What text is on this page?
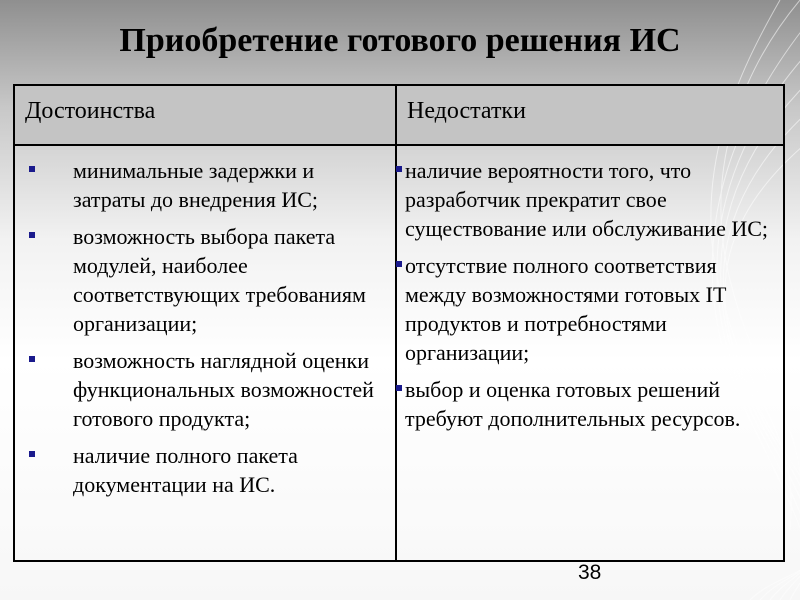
Приобретение готового решения ИС
Достоинства	Недостатки
минимальные задержки и затраты до внедрения ИС;
возможность выбора пакета модулей, наиболее соответствующих требованиям организации;
возможность наглядной оценки функциональных возможностей готового продукта;
наличие полного пакета документации на ИС.
наличие вероятности того, что разработчик прекратит свое существование или обслуживание ИС;
отсутствие полного соответствия между возможностями готовых IT продуктов и потребностями организации;
выбор и оценка готовых решений требуют дополнительных ресурсов.
38
